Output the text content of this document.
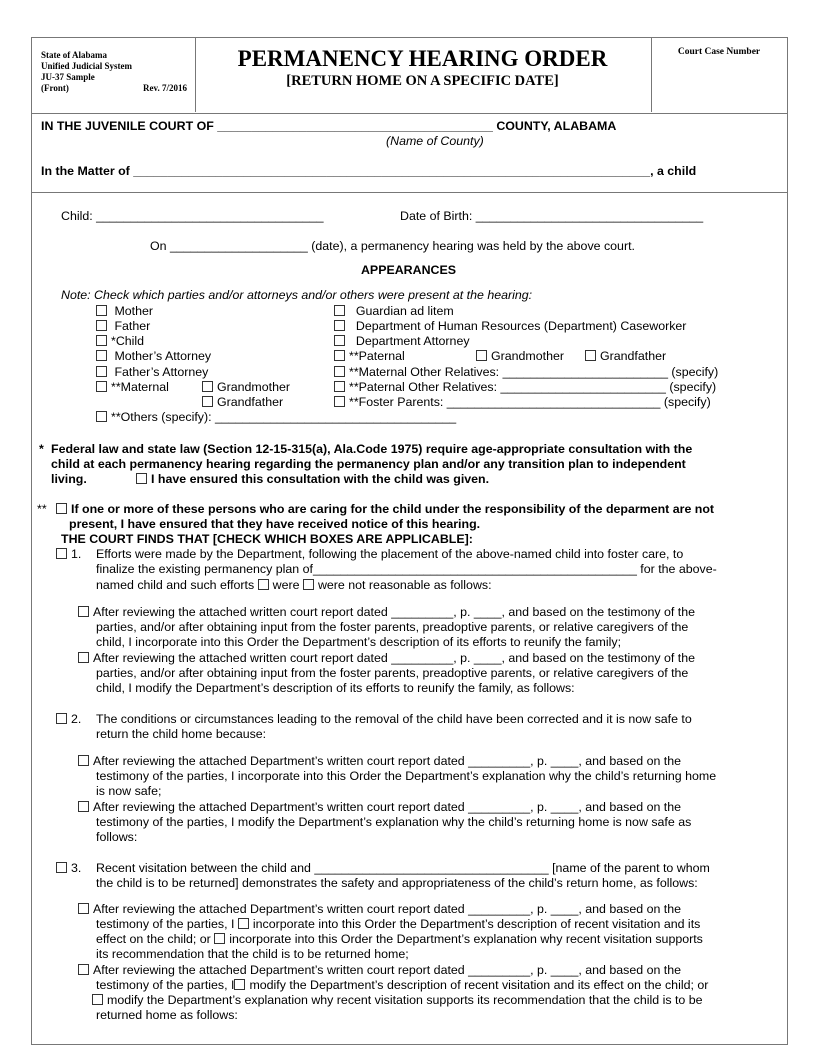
State of Alabama
Unified Judicial System
JU-37 Sample
(Front)	Rev. 7/2016
PERMANENCY HEARING ORDER
[RETURN HOME ON A SPECIFIC DATE]
Court Case Number
IN THE JUVENILE COURT OF ________________________________________ COUNTY, ALABAMA
(Name of County)
In the Matter of ___________________________________________________________________________, a child
Child: _________________________________	Date of Birth: _________________________________
On ____________________ (date), a permanency hearing was held by the above court.
APPEARANCES
Note: Check which parties and/or attorneys and/or others were present at the hearing:
Mother
Father
*Child
Mother’s Attorney
Father’s Attorney
**Maternal	Grandmother
Grandfather
**Others (specify): ___________________________________
Guardian ad litem
Department of Human Resources (Department) Caseworker
Department Attorney
**Paternal	Grandmother	Grandfather
**Maternal Other Relatives: ________________________ (specify)
**Paternal Other Relatives: ________________________ (specify)
**Foster Parents: _______________________________ (specify)
* Federal law and state law (Section 12-15-315(a), Ala.Code 1975) require age-appropriate consultation with the
child at each permanency hearing regarding the permanency plan and/or any transition plan to independent
living.	I have ensured this consultation with the child was given.
**	If one or more of these persons who are caring for the child under the responsibility of the deparment are not
present, I have ensured that they have received notice of this hearing.
THE COURT FINDS THAT [CHECK WHICH BOXES ARE APPLICABLE]:
1. Efforts were made by the Department, following the placement of the above-named child into foster care, to
finalize the existing permanency plan of_______________________________________________ for the above-
named child and such efforts were were not reasonable as follows:
After reviewing the attached written court report dated _________, p. ____, and based on the testimony of the
parties, and/or after obtaining input from the foster parents, preadoptive parents, or relative caregivers of the
child, I incorporate into this Order the Department’s description of its efforts to reunify the family;
After reviewing the attached written court report dated _________, p. ____, and based on the testimony of the
parties, and/or after obtaining input from the foster parents, preadoptive parents, or relative caregivers of the
child, I modify the Department’s description of its efforts to reunify the family, as follows:
2. The conditions or circumstances leading to the removal of the child have been corrected and it is now safe to
return the child home because:
After reviewing the attached Department’s written court report dated _________, p. ____, and based on the
testimony of the parties, I incorporate into this Order the Department’s explanation why the child’s returning home
is now safe;
After reviewing the attached Department’s written court report dated _________, p. ____, and based on the
testimony of the parties, I modify the Department’s explanation why the child’s returning home is now safe as
follows:
3. Recent visitation between the child and __________________________________ [name of the parent to whom
the child is to be returned] demonstrates the safety and appropriateness of the child’s return home, as follows:
After reviewing the attached Department’s written court report dated _________, p. ____, and based on the
testimony of the parties, I incorporate into this Order the Department’s description of recent visitation and its
effect on the child; or incorporate into this Order the Department’s explanation why recent visitation supports
its recommendation that the child is to be returned home;
After reviewing the attached Department’s written court report dated _________, p. ____, and based on the
testimony of the parties, I modify the Department’s description of recent visitation and its effect on the child; or
modify the Department’s explanation why recent visitation supports its recommendation that the child is to be
returned home as follows:
